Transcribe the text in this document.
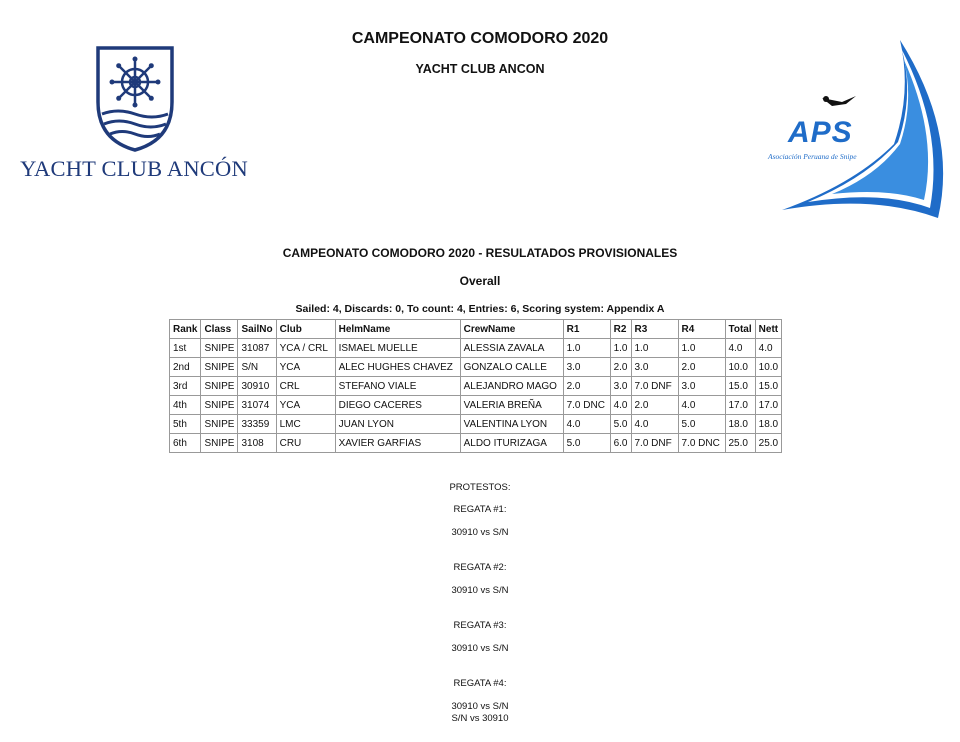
YACHT CLUB ANCÓN
APS
Asociación Peruana de Snipe
CAMPEONATO COMODORO 2020
YACHT CLUB ANCON
CAMPEONATO COMODORO 2020 - RESULATADOS PROVISIONALES
Overall
Sailed: 4, Discards: 0, To count: 4, Entries: 6, Scoring system: Appendix A
Rank	Class	SailNo	Club	HelmName	CrewName	R1	R2	R3	R4	Total	Nett
1st	SNIPE	31087	YCA / CRL	ISMAEL MUELLE	ALESSIA ZAVALA	1.0	1.0	1.0	1.0	4.0	4.0
2nd	SNIPE	S/N	YCA	ALEC HUGHES CHAVEZ	GONZALO CALLE	3.0	2.0	3.0	2.0	10.0	10.0
3rd	SNIPE	30910	CRL	STEFANO VIALE	ALEJANDRO MAGO	2.0	3.0	7.0 DNF	3.0	15.0	15.0
4th	SNIPE	31074	YCA	DIEGO CACERES	VALERIA BREÑA	7.0 DNC	4.0	2.0	4.0	17.0	17.0
5th	SNIPE	33359	LMC	JUAN LYON	VALENTINA LYON	4.0	5.0	4.0	5.0	18.0	18.0
6th	SNIPE	3108	CRU	XAVIER GARFIAS	ALDO ITURIZAGA	5.0	6.0	7.0 DNF	7.0 DNC	25.0	25.0
PROTESTOS:
REGATA #1:
30910 vs S/N
REGATA #2:
30910 vs S/N
REGATA #3:
30910 vs S/N
REGATA #4:
30910 vs S/N
S/N vs 30910
